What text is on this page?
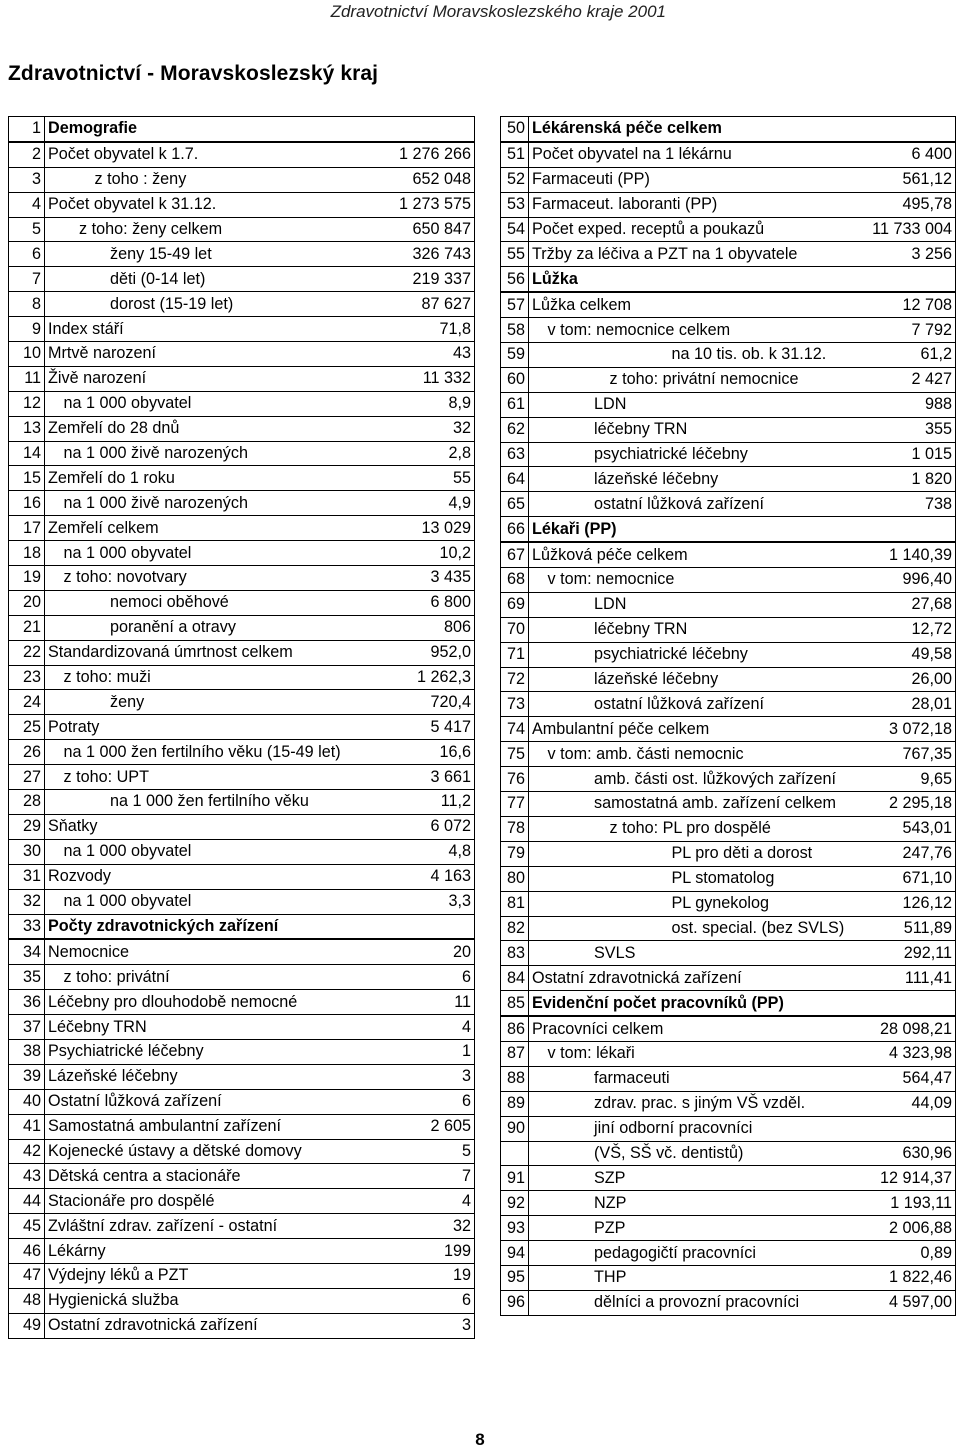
Zdravotnictví Moravskoslezského kraje 2001
Zdravotnictví - Moravskoslezský kraj
1	Demografie	
2	Počet obyvatel k 1.7.	1 276 266
3	z toho : ženy	652 048
4	Počet obyvatel k 31.12.	1 273 575
5	z toho: ženy celkem	650 847
6	ženy 15-49 let	326 743
7	děti (0-14 let)	219 337
8	dorost (15-19 let)	87 627
9	Index stáří	71,8
10	Mrtvě narození	43
11	Živě narození	11 332
12	na 1 000 obyvatel	8,9
13	Zemřelí do 28 dnů	32
14	na 1 000 živě narozených	2,8
15	Zemřelí do 1 roku	55
16	na 1 000 živě narozených	4,9
17	Zemřelí celkem	13 029
18	na 1 000 obyvatel	10,2
19	z toho: novotvary	3 435
20	nemoci oběhové	6 800
21	poranění a otravy	806
22	Standardizovaná úmrtnost celkem	952,0
23	z toho: muži	1 262,3
24	ženy	720,4
25	Potraty	5 417
26	na 1 000 žen fertilního věku (15-49 let)	16,6
27	z toho: UPT	3 661
28	na 1 000 žen fertilního věku	11,2
29	Sňatky	6 072
30	na 1 000 obyvatel	4,8
31	Rozvody	4 163
32	na 1 000 obyvatel	3,3
33	Počty zdravotnických zařízení	
34	Nemocnice	20
35	z toho: privátní	6
36	Léčebny pro dlouhodobě nemocné	11
37	Léčebny TRN	4
38	Psychiatrické léčebny	1
39	Lázeňské léčebny	3
40	Ostatní lůžková zařízení	6
41	Samostatná ambulantní zařízení	2 605
42	Kojenecké ústavy a dětské domovy	5
43	Dětská centra a stacionáře	7
44	Stacionáře pro dospělé	4
45	Zvláštní zdrav. zařízení - ostatní	32
46	Lékárny	199
47	Výdejny léků a PZT	19
48	Hygienická služba	6
49	Ostatní zdravotnická zařízení	3
50	Lékárenská péče celkem	
51	Počet obyvatel na 1 lékárnu	6 400
52	Farmaceuti (PP)	561,12
53	Farmaceut. laboranti (PP)	495,78
54	Počet exped. receptů a poukazů	11 733 004
55	Tržby za léčiva a PZT na 1 obyvatele	3 256
56	Lůžka	
57	Lůžka celkem	12 708
58	v tom: nemocnice celkem	7 792
59	na 10 tis. ob. k 31.12.	61,2
60	z toho: privátní nemocnice	2 427
61	LDN	988
62	léčebny TRN	355
63	psychiatrické léčebny	1 015
64	lázeňské léčebny	1 820
65	ostatní lůžková zařízení	738
66	Lékaři (PP)	
67	Lůžková péče celkem	1 140,39
68	v tom: nemocnice	996,40
69	LDN	27,68
70	léčebny TRN	12,72
71	psychiatrické léčebny	49,58
72	lázeňské léčebny	26,00
73	ostatní lůžková zařízení	28,01
74	Ambulantní péče celkem	3 072,18
75	v tom: amb. části nemocnic	767,35
76	amb. části ost. lůžkových zařízení	9,65
77	samostatná amb. zařízení celkem	2 295,18
78	z toho: PL pro dospělé	543,01
79	PL pro děti a dorost	247,76
80	PL stomatolog	671,10
81	PL gynekolog	126,12
82	ost. special. (bez SVLS)	511,89
83	SVLS	292,11
84	Ostatní zdravotnická zařízení	111,41
85	Evidenční počet pracovníků (PP)	
86	Pracovníci celkem	28 098,21
87	v tom: lékaři	4 323,98
88	farmaceuti	564,47
89	zdrav. prac. s jiným VŠ vzděl.	44,09
90	jiní odborní pracovníci	
	(VŠ, SŠ vč. dentistů)	630,96
91	SZP	12 914,37
92	NZP	1 193,11
93	PZP	2 006,88
94	pedagogičtí pracovníci	0,89
95	THP	1 822,46
96	dělníci a provozní pracovníci	4 597,00
8
